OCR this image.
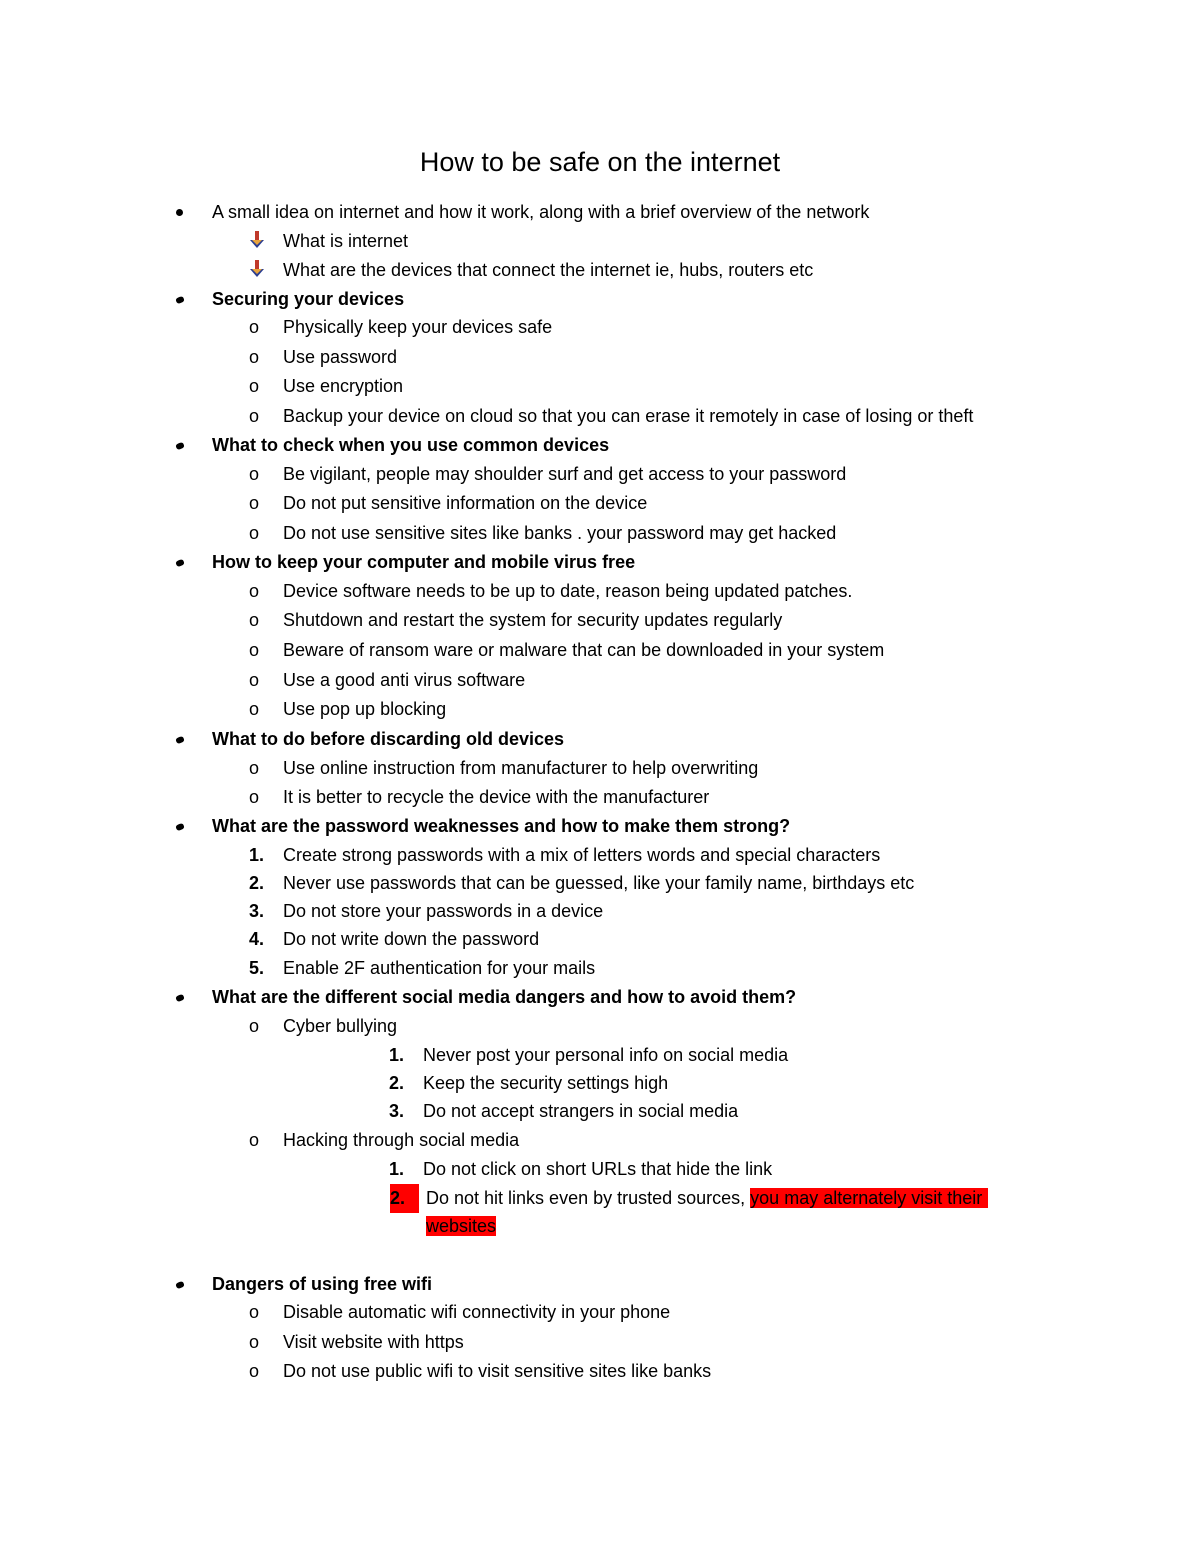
How to be safe on the internet
A small idea on internet and how it work, along with a brief overview of the network
What is internet
What are the devices that connect the internet ie, hubs, routers etc
Securing your devices
o Physically keep your devices safe
o Use password
o Use encryption
o Backup your device on cloud so that you can erase it remotely in case of losing or theft
What to check when you use common devices
o Be vigilant, people may shoulder surf and get access to your password
o Do not put sensitive information on the device
o Do not use sensitive sites like banks . your password may get hacked
How to keep your computer and mobile virus free
o Device software needs to be up to date, reason being updated patches.
o Shutdown and restart the system for security updates regularly
o Beware of ransom ware or malware that can be downloaded in your system
o Use a good anti virus software
o Use pop up blocking
What to do before discarding old devices
o Use online instruction from manufacturer to help overwriting
o It is better to recycle the device with the manufacturer
What are the password weaknesses and how to make them strong?
1. Create strong passwords with a mix of letters words and special characters
2. Never use passwords that can be guessed, like your family name, birthdays etc
3. Do not store your passwords in a device
4. Do not write down the password
5. Enable 2F authentication for your mails
What are the different social media dangers and how to avoid them?
o Cyber bullying
1. Never post your personal info on social media
2. Keep the security settings high
3. Do not accept strangers in social media
o Hacking through social media
1. Do not click on short URLs that hide the link
2.	Do not hit links even by trusted sources, you may alternately visit their
websites
Dangers of using free wifi
o Disable automatic wifi connectivity in your phone
o Visit website with https
o Do not use public wifi to visit sensitive sites like banks
